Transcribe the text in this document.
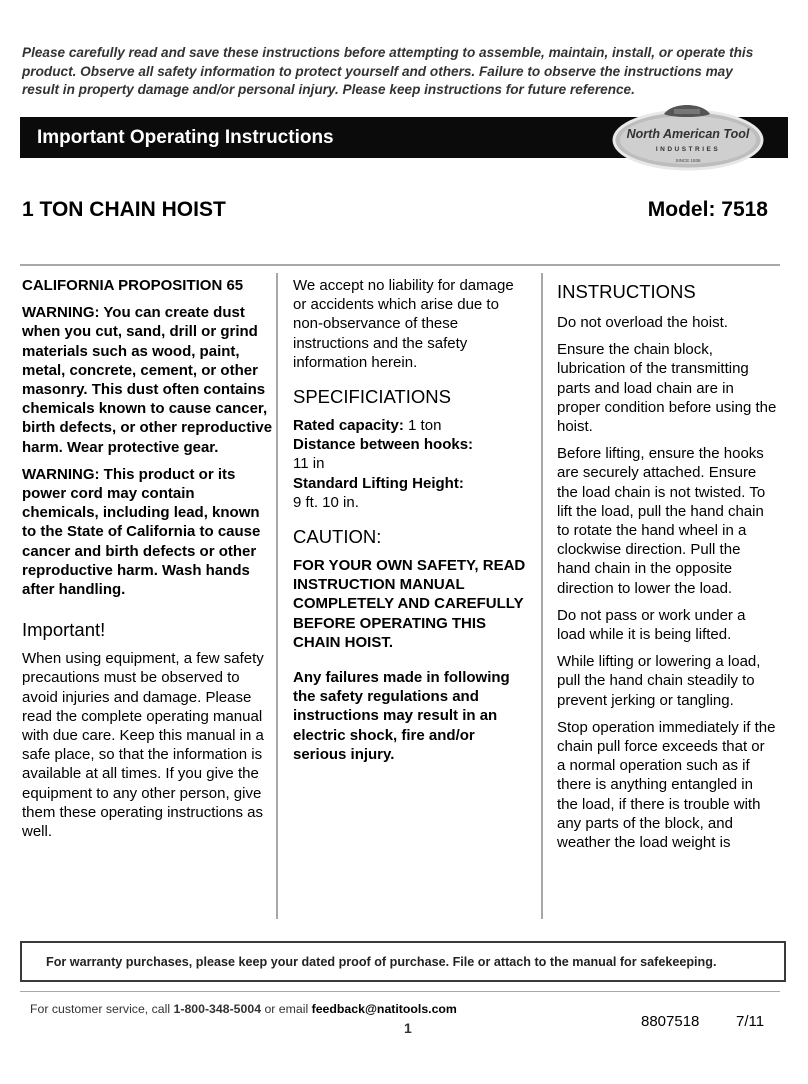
Please carefully read and save these instructions before attempting to assemble, maintain, install, or operate this product. Observe all safety information to protect yourself and others. Failure to observe the instructions may result in property damage and/or personal injury. Please keep instructions for future reference.
Important Operating Instructions	North American Tool
INDUSTRIES
SINCE 1936
1 TON CHAIN HOIST	Model: 7518

CALIFORNIA PROPOSITION 65

WARNING: You can create dust when you cut, sand, drill or grind materials such as wood, paint, metal, concrete, cement, or other masonry. This dust often contains chemicals known to cause cancer, birth defects, or other reproductive harm. Wear protective gear.

WARNING: This product or its power cord may contain chemicals, including lead, known to the State of California to cause cancer and birth defects or other reproductive harm. Wash hands after handling.

Important!

When using equipment, a few safety precautions must be observed to avoid injuries and damage. Please read the complete operating manual with due care. Keep this manual in a safe place, so that the information is available at all times. If you give the equipment to any other person, give them these operating instructions as well.

We accept no liability for damage or accidents which arise due to non-observance of these instructions and the safety information herein.

SPECIFICIATIONS

Rated capacity: 1 ton

Distance between hooks:

11 in

Standard Lifting Height:

9 ft. 10 in.

CAUTION:

FOR YOUR OWN SAFETY, READ INSTRUCTION MANUAL COMPLETELY AND CAREFULLY BEFORE OPERATING THIS CHAIN HOIST.

Any failures made in following the safety regulations and instructions may result in an electric shock, fire and/or serious injury.

INSTRUCTIONS

Do not overload the hoist.

Ensure the chain block, lubrication of the transmitting parts and load chain are in proper condition before using the hoist.

Before lifting, ensure the hooks are securely attached. Ensure the load chain is not twisted. To lift the load, pull the hand chain to rotate the hand wheel in a clockwise direction. Pull the hand chain in the opposite direction to lower the load.

Do not pass or work under a load while it is being lifted.

While lifting or lowering a load, pull the hand chain steadily to prevent jerking or tangling.

Stop operation immediately if the chain pull force exceeds that or a normal operation such as if there is anything entangled in the load, if there is trouble with any parts of the block, and weather the load weight is

For warranty purchases, please keep your dated proof of purchase. File or attach to the manual for safekeeping.
For customer service, call 1-800-348-5004 or email feedback@natitools.com
1	8807518 7/11
